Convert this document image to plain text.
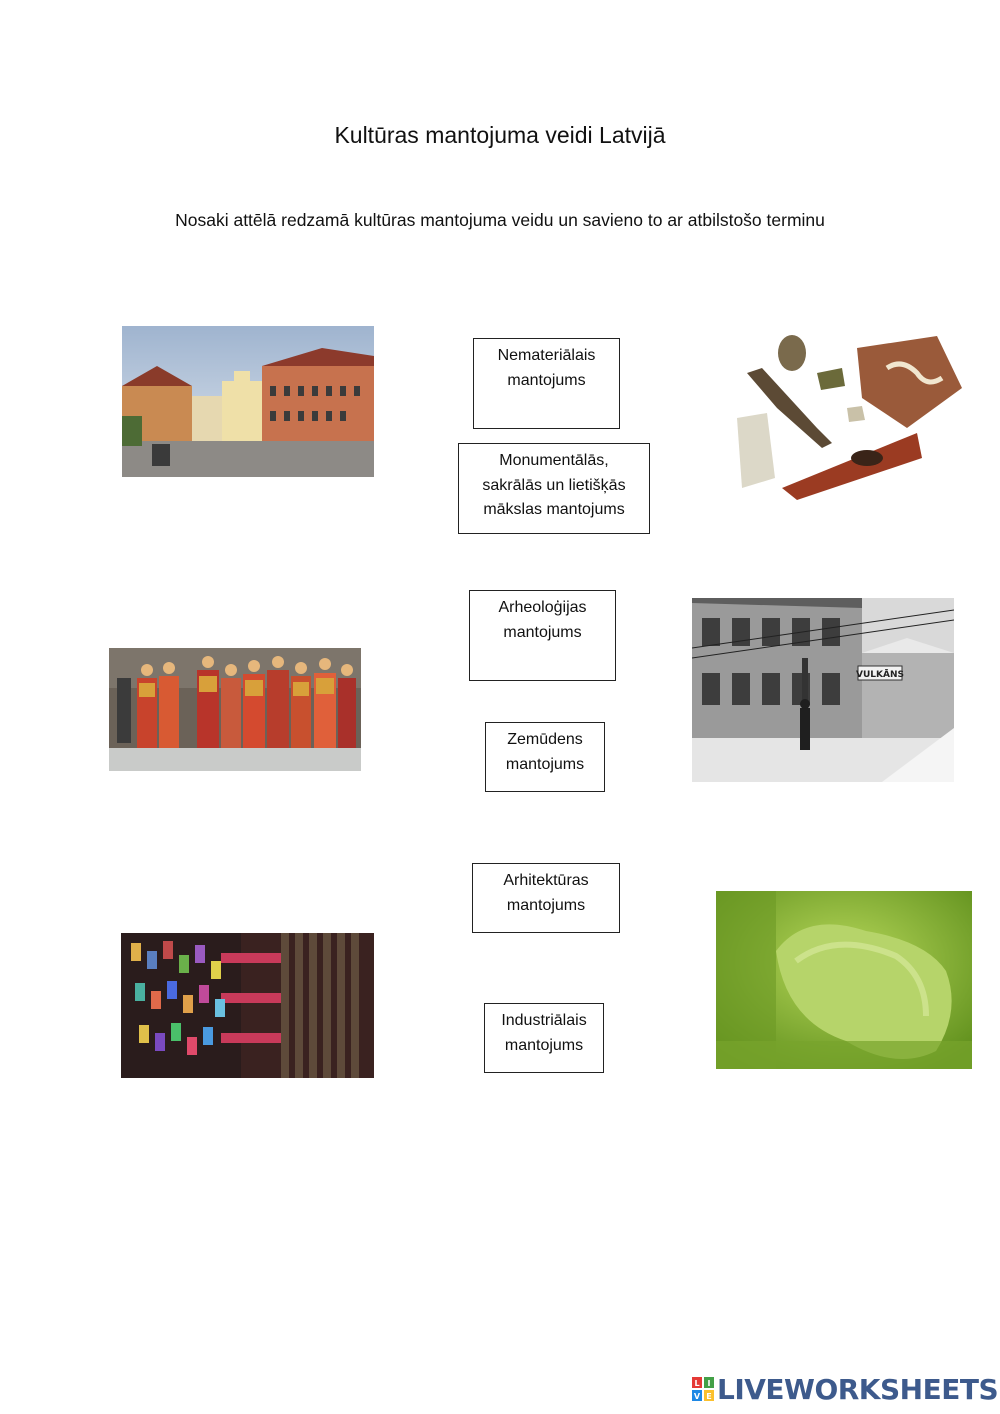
Kultūras mantojuma veidi Latvijā
Nosaki attēlā redzamā kultūras mantojuma veidu un savieno to ar atbilstošo terminu
Nemateriālais
mantojums
Monumentālās,
sakrālās un lietišķās
mākslas mantojums
Arheoloģijas
mantojums
Zemūdens
mantojums
Arhitektūras
mantojums
Industriālais
mantojums
VULKĀNS
L I
V E LIVEWORKSHEETS
